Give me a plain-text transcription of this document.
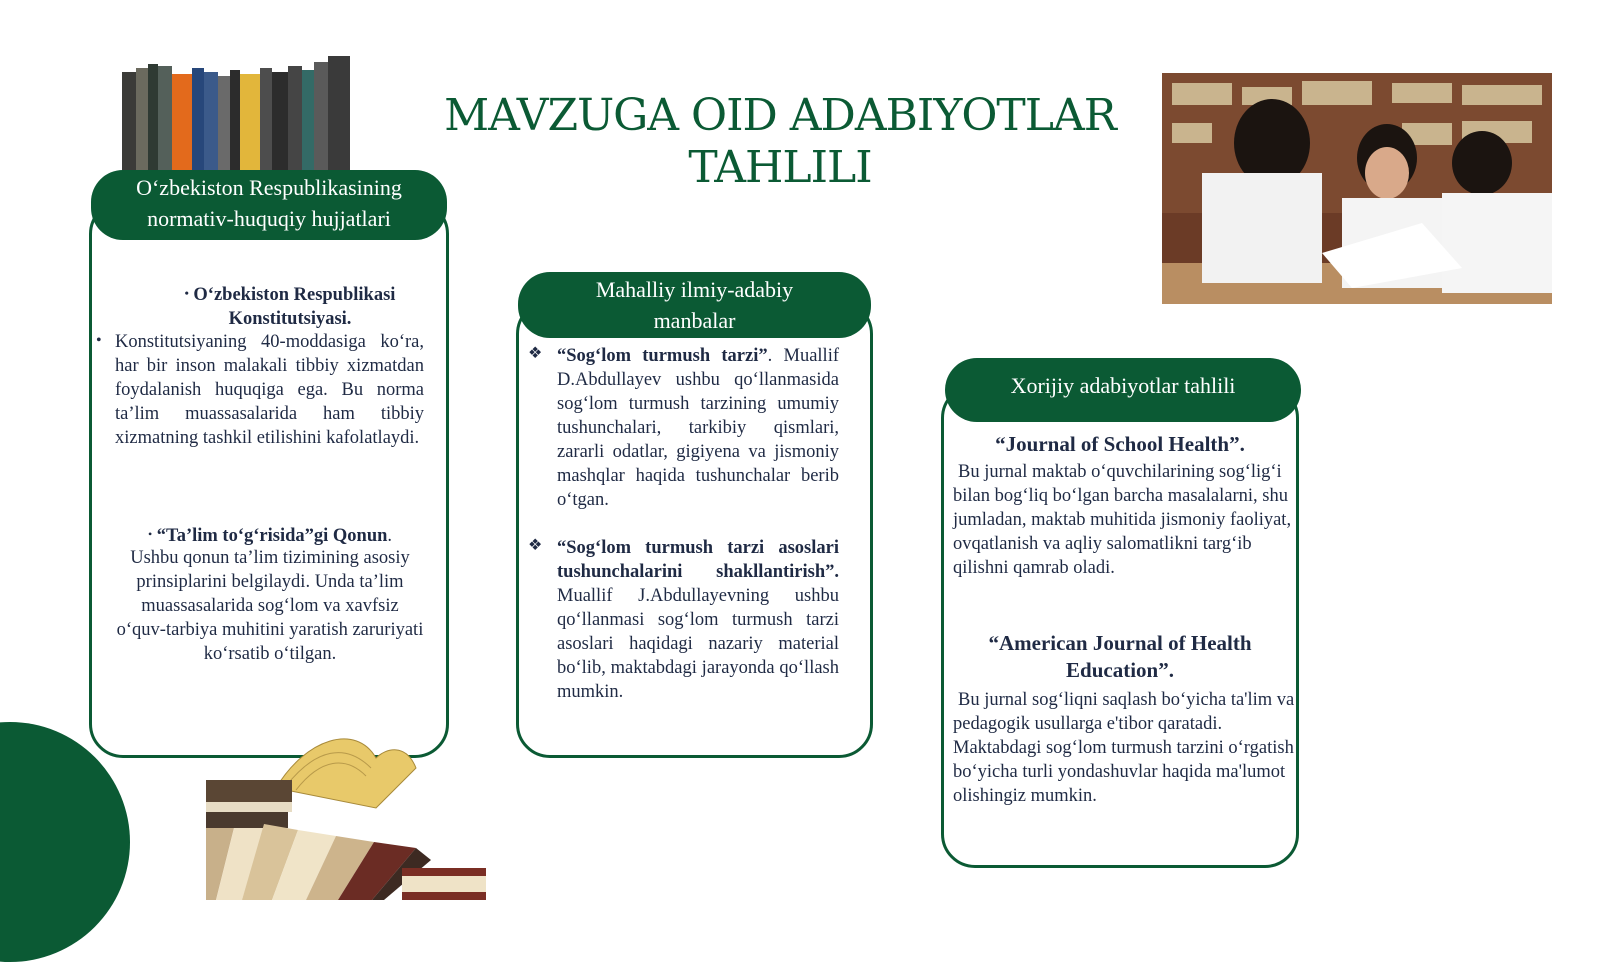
MAVZUGA OID ADABIYOTLAR
TAHLILI
O‘zbekiston Respublikasining
normativ-huquqiy hujjatlari
• O‘zbekiston Respublikasi
Konstitutsiyasi.
• Konstitutsiyaning 40-moddasiga ko‘ra, har bir inson malakali tibbiy xizmatdan foydalanish huquqiga ega. Bu norma ta’lim muassasalarida ham tibbiy xizmatning tashkil etilishini kafolatlaydi.
• “Ta’lim to‘g‘risida”gi Qonun.
Ushbu qonun ta’lim tizimining asosiy prinsiplarini belgilaydi. Unda ta’lim muassasalarida sog‘lom va xavfsiz o‘quv-tarbiya muhitini yaratish zaruriyati ko‘rsatib o‘tilgan.
Mahalliy ilmiy-adabiy
manbalar
❖ “Sog‘lom turmush tarzi”. Muallif D.Abdullayev ushbu qo‘llanmasida sog‘lom turmush tarzining umumiy tushunchalari, tarkibiy qismlari, zararli odatlar, gigiyena va jismoniy mashqlar haqida tushunchalar berib o‘tgan.
❖ “Sog‘lom turmush tarzi asoslari tushunchalarini shakllantirish”. Muallif J.Abdullayevning ushbu qo‘llanmasi sog‘lom turmush tarzi asoslari haqidagi nazariy material bo‘lib, maktabdagi jarayonda qo‘llash mumkin.
Xorijiy adabiyotlar tahlili
“Journal of School Health”.
Bu jurnal maktab o‘quvchilarining sog‘lig‘i bilan bog‘liq bo‘lgan barcha masalalarni, shu jumladan, maktab muhitida jismoniy faoliyat, ovqatlanish va aqliy salomatlikni targ‘ib qilishni qamrab oladi.
“American Journal of Health
Education”.
Bu jurnal sog‘liqni saqlash bo‘yicha ta'lim va pedagogik usullarga e'tibor qaratadi. Maktabdagi sog‘lom turmush tarzini o‘rgatish bo‘yicha turli yondashuvlar haqida ma'lumot olishingiz mumkin.
